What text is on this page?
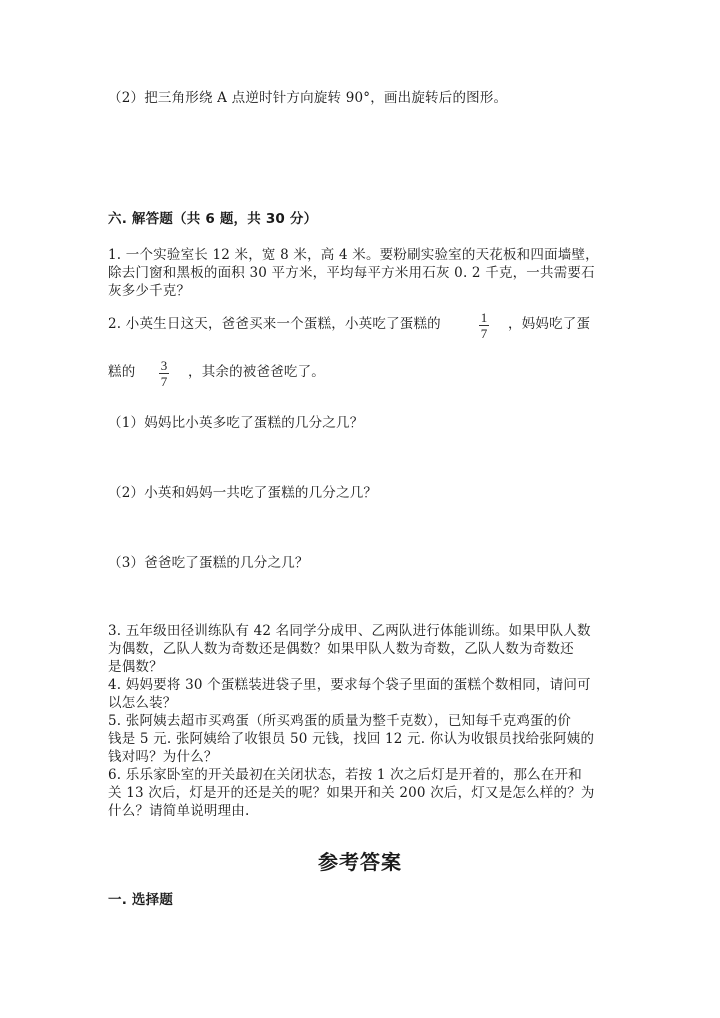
（2）把三角形绕 A 点逆时针方向旋转 90°，画出旋转后的图形。
六. 解答题（共 6 题，共 30 分）
1. 一个实验室长 12 米，宽 8 米，高 4 米。要粉刷实验室的天花板和四面墙壁，
除去门窗和黑板的面积 30 平方米，平均每平方米用石灰 0. 2 千克，一共需要石
灰多少千克？
2. 小英生日这天，爸爸买来一个蛋糕，小英吃了蛋糕的	1
7
，妈妈吃了蛋
糕的 3
7
，其余的被爸爸吃了。
（1）妈妈比小英多吃了蛋糕的几分之几？
（2）小英和妈妈一共吃了蛋糕的几分之几？
（3）爸爸吃了蛋糕的几分之几？
3. 五年级田径训练队有 42 名同学分成甲、乙两队进行体能训练。如果甲队人数
为偶数，乙队人数为奇数还是偶数？如果甲队人数为奇数，乙队人数为奇数还
是偶数？
4. 妈妈要将 30 个蛋糕装进袋子里，要求每个袋子里面的蛋糕个数相同，请问可
以怎么装？
5. 张阿姨去超市买鸡蛋（所买鸡蛋的质量为整千克数），已知每千克鸡蛋的价
钱是 5 元. 张阿姨给了收银员 50 元钱，找回 12 元. 你认为收银员找给张阿姨的
钱对吗？为什么？
6. 乐乐家卧室的开关最初在关闭状态，若按 1 次之后灯是开着的，那么在开和
关 13 次后，灯是开的还是关的呢？如果开和关 200 次后，灯又是怎么样的？为
什么？请简单说明理由.
参考答案
一. 选择题
